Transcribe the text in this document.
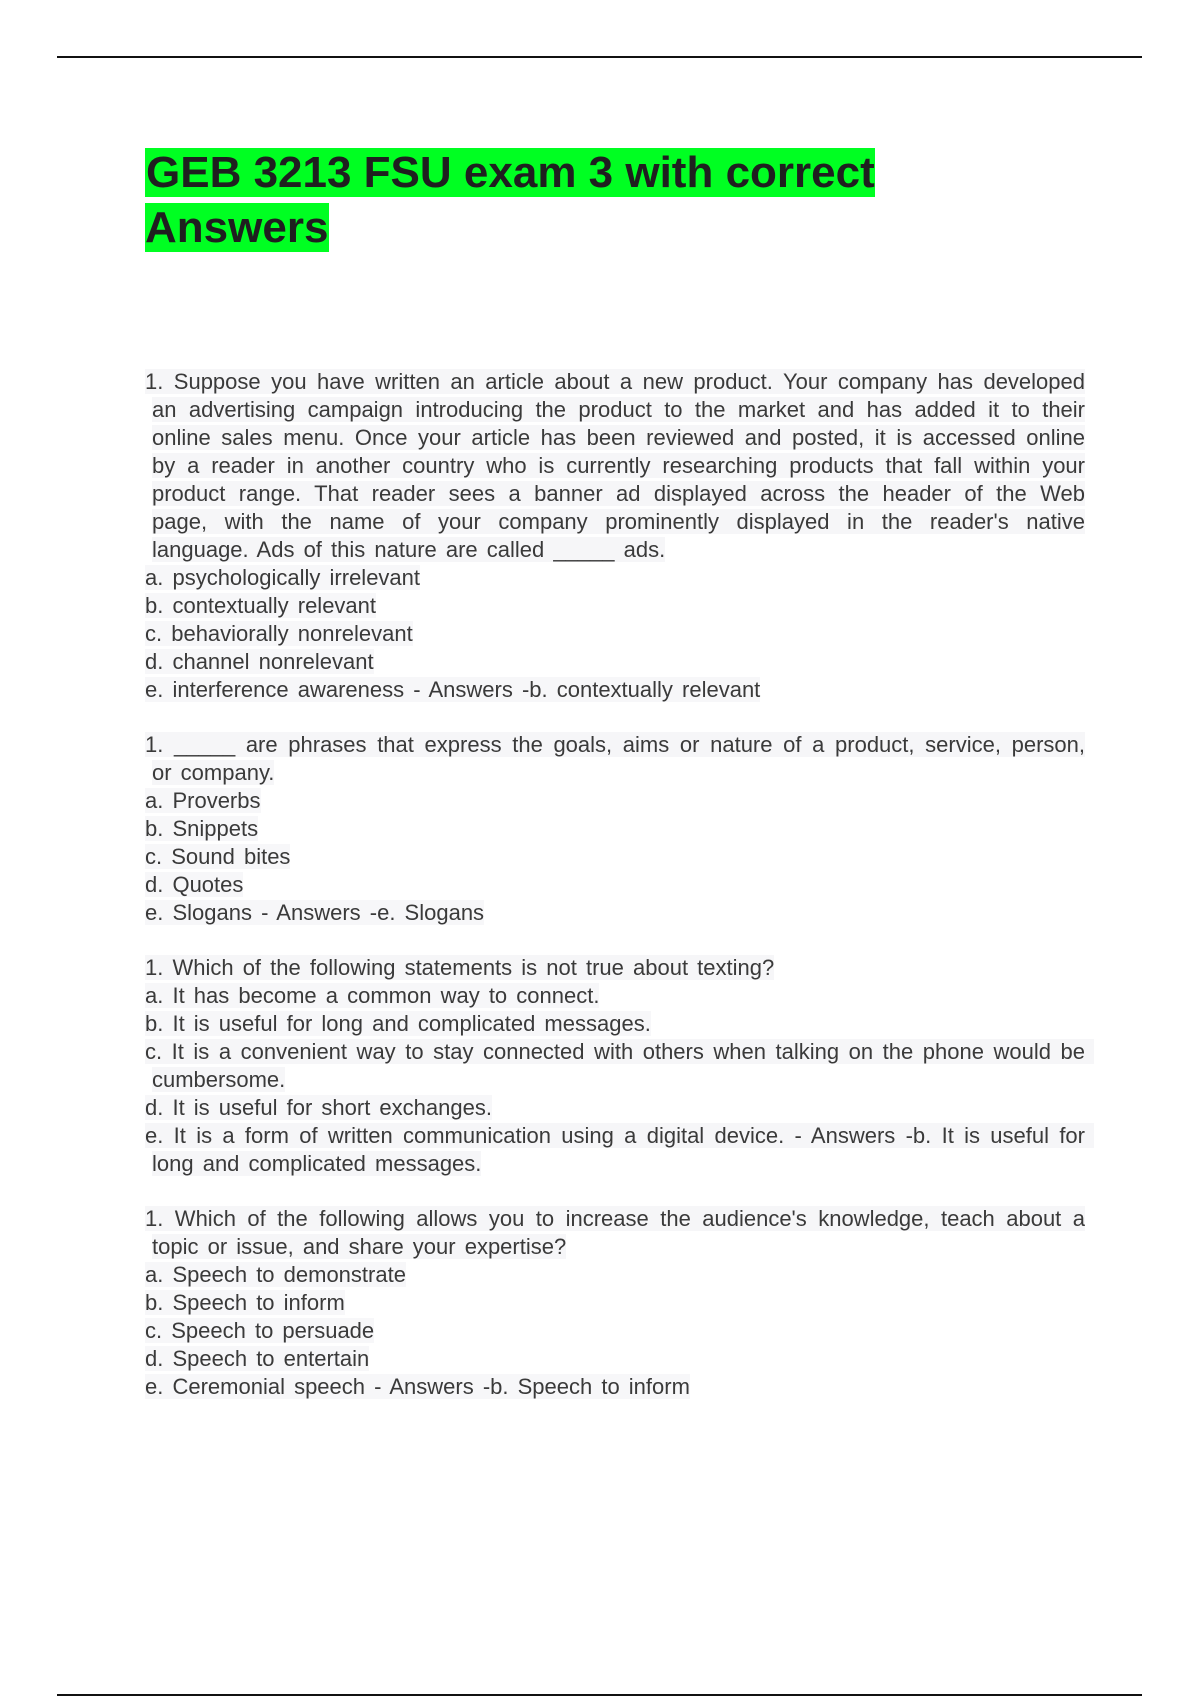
GEB 3213 FSU exam 3 with correct Answers
1. Suppose you have written an article about a new product. Your company has developed an advertising campaign introducing the product to the market and has added it to their online sales menu. Once your article has been reviewed and posted, it is accessed online by a reader in another country who is currently researching products that fall within your product range. That reader sees a banner ad displayed across the header of the Web page, with the name of your company prominently displayed in the reader's native language. Ads of this nature are called _____ ads.
a. psychologically irrelevant
b. contextually relevant
c. behaviorally nonrelevant
d. channel nonrelevant
e. interference awareness - Answers -b. contextually relevant
1. _____ are phrases that express the goals, aims or nature of a product, service, person, or company.
a. Proverbs
b. Snippets
c. Sound bites
d. Quotes
e. Slogans - Answers -e. Slogans
1. Which of the following statements is not true about texting?
a. It has become a common way to connect.
b. It is useful for long and complicated messages.
c. It is a convenient way to stay connected with others when talking on the phone would be cumbersome.
d. It is useful for short exchanges.
e. It is a form of written communication using a digital device. - Answers -b. It is useful for long and complicated messages.
1. Which of the following allows you to increase the audience's knowledge, teach about a topic or issue, and share your expertise?
a. Speech to demonstrate
b. Speech to inform
c. Speech to persuade
d. Speech to entertain
e. Ceremonial speech - Answers -b. Speech to inform
